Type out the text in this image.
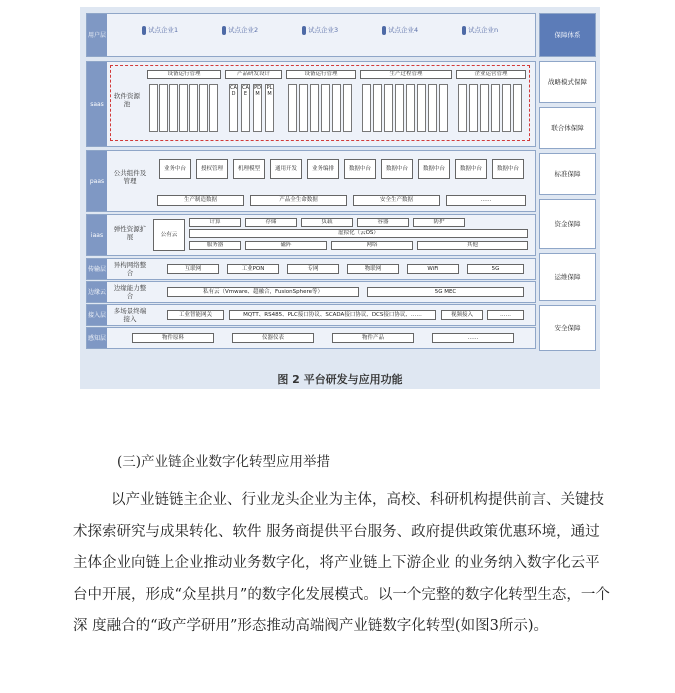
用户层
试点企业1	试点企业2	试点企业3	试点企业4	试点企业n
saas
软件资源池
设备运行管理	产品研发设计	设备运行管理	生产过程管理	企业运营管理
CAD
CAE
PDM
PLM
paas
公共组件及管理
业务中台	授权管理	机理模型	通用开发	业务编排	数据中台	数据中台	数据中台	数据中台	数据中台
生产制造数据	产品全生命数据	安全生产数据	……
iaas
弹性资源扩展	公有云
计算	存储	负载	容器	防护
虚拟化（云OS）
服务器	磁阵	网络	其他
传输层 异构网络整合
互联网	工业PON	专网	物联网	WiFi	5G
边缘云 边缘能力整合
私有云（Vmware、超融合，FusionSphere等）	5G MEC
接入层 多场景终端接入
工业智能网关	MQTT、RS485、PLC接口协议、SCADA接口协议、DCS接口协议、……	视频接入	……
感知层	物件原料	仪器仪表	物件产品	……
保障体系
战略模式保障
联合体保障
标准保障
资金保障
运维保障
安全保障
图 2 平台研发与应用功能
(三)产业链企业数字化转型应用举措
以产业链链主企业、行业龙头企业为主体，高校、科研机构提供前言、关键技术探索研究与成果转化、软件 服务商提供平台服务、政府提供政策优惠环境，通过主体企业向链上企业推动业务数字化，将产业链上下游企业 的业务纳入数字化云平台中开展，形成“众星拱月”的数字化发展模式。以一个完整的数字化转型生态，一个深 度融合的“政产学研用”形态推动高端阀产业链数字化转型(如图3所示)。
